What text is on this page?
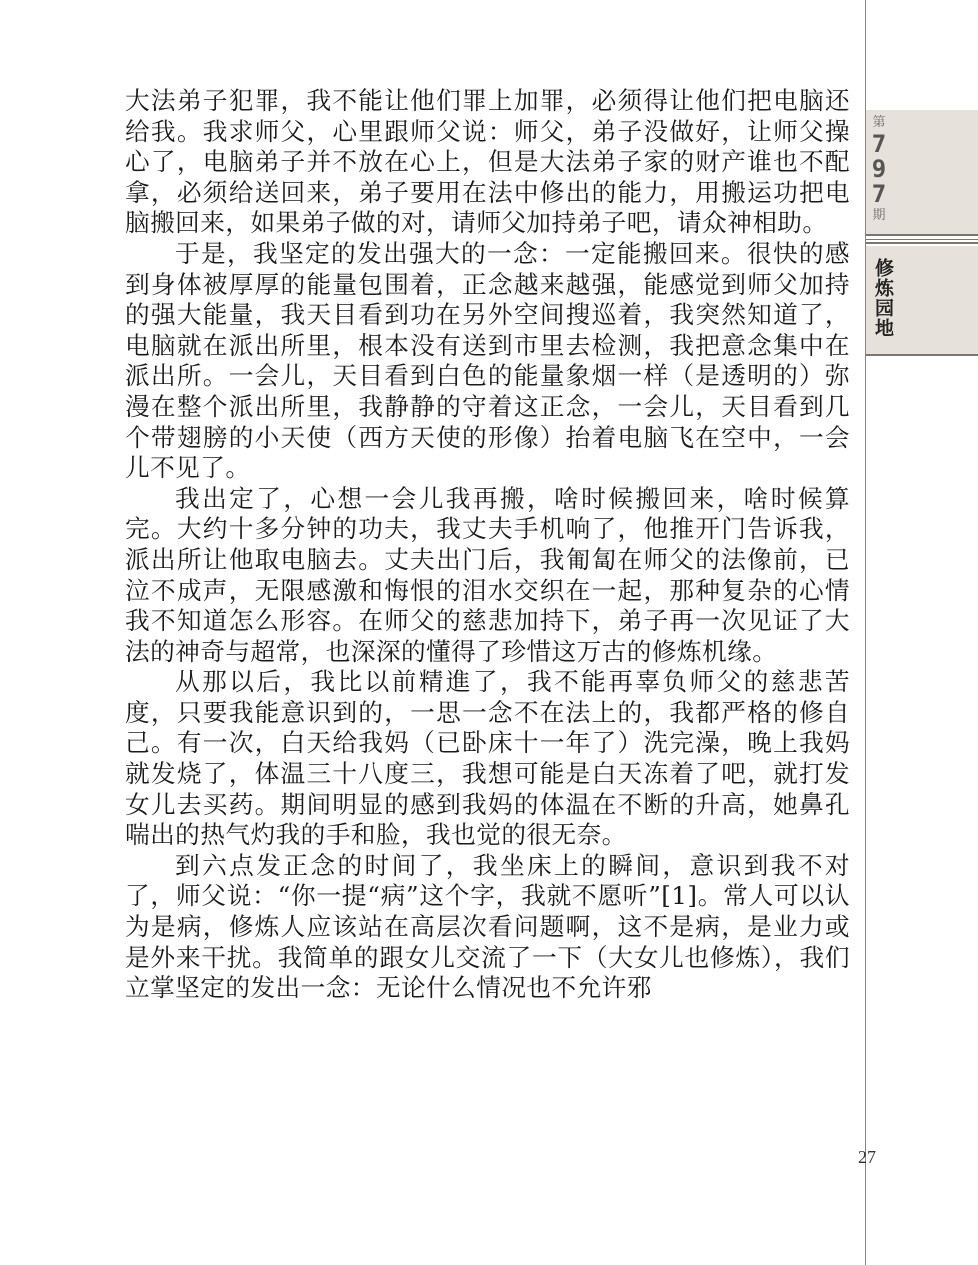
第
7
9
7
期
修炼园地

大法弟子犯罪，我不能让他们罪上加罪，必须得让他们把电脑还给我。我求师父，心里跟师父说：师父，弟子没做好，让师父操心了，电脑弟子并不放在心上，但是大法弟子家的财产谁也不配拿，必须给送回来，弟子要用在法中修出的能力，用搬运功把电脑搬回来，如果弟子做的对，请师父加持弟子吧，请众神相助。

于是，我坚定的发出强大的一念：一定能搬回来。很快的感到身体被厚厚的能量包围着，正念越来越强，能感觉到师父加持的强大能量，我天目看到功在另外空间搜巡着，我突然知道了，电脑就在派出所里，根本没有送到市里去检测，我把意念集中在派出所。一会儿，天目看到白色的能量象烟一样（是透明的）弥漫在整个派出所里，我静静的守着这正念，一会儿，天目看到几个带翅膀的小天使（西方天使的形像）抬着电脑飞在空中，一会儿不见了。

我出定了，心想一会儿我再搬，啥时候搬回来，啥时候算完。大约十多分钟的功夫，我丈夫手机响了，他推开门告诉我，派出所让他取电脑去。丈夫出门后，我匍匐在师父的法像前，已泣不成声，无限感激和悔恨的泪水交织在一起，那种复杂的心情我不知道怎么形容。在师父的慈悲加持下，弟子再一次见证了大法的神奇与超常，也深深的懂得了珍惜这万古的修炼机缘。

从那以后，我比以前精進了，我不能再辜负师父的慈悲苦度，只要我能意识到的，一思一念不在法上的，我都严格的修自己。有一次，白天给我妈（已卧床十一年了）洗完澡，晚上我妈就发烧了，体温三十八度三，我想可能是白天冻着了吧，就打发女儿去买药。期间明显的感到我妈的体温在不断的升高，她鼻孔喘出的热气灼我的手和脸，我也觉的很无奈。

到六点发正念的时间了，我坐床上的瞬间，意识到我不对了，师父说：“你一提“病”这个字，我就不愿听”[1]。常人可以认为是病，修炼人应该站在高层次看问题啊，这不是病，是业力或是外来干扰。我简单的跟女儿交流了一下（大女儿也修炼），我们立掌坚定的发出一念：无论什么情况也不允许邪

27
